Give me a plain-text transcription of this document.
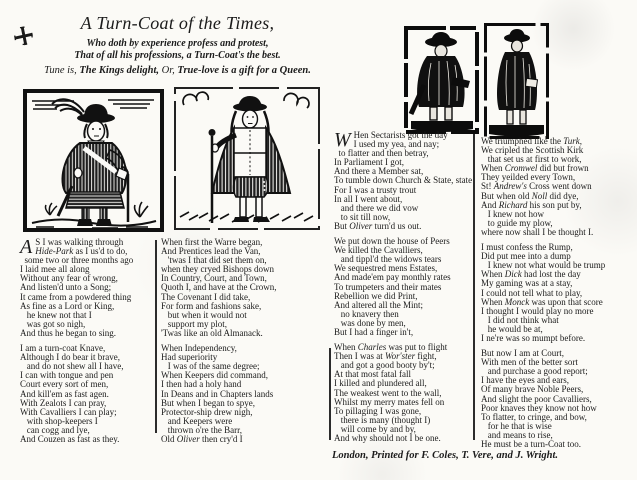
A Turn-Coat of the Times,
Who doth by experience profess and protest,
That of all his professions, a Turn-Coat's the best.
Tune is, The Kings delight, Or, True-love is a gift for a Queen.
A S I was walking through
Hide-Park as I us'd to do,
some two or three months ago
I laid mee all along
Without any fear of wrong,
And listen'd unto a Song;
It came from a powdered thing
As fine as a Lord or King,
he knew not that I
was got so nigh,
And thus he began to sing.
I am a turn-coat Knave,
Although I do bear it brave,
and do not shew all I have,
I can with tongue and pen
Court every sort of men,
And kill'em as fast agen.
With Zealots I can pray,
With Cavalliers I can play;
with shop-keepers I
can cogg and lye,
And Couzen as fast as they.
When first the Warre began,
And Prentices lead the Van,
'twas I that did set them on,
when they cryed Bishops down
In Country, Court, and Town,
Quoth I, and have at the Crown,
The Covenant I did take,
For form and fashions sake,
but when it would not
support my plot,
'Twas like an old Almanack.
When Independency,
Had superiority
I was of the same degree;
When Keepers did command,
I then had a holy hand
In Deans and in Chapters lands
But when I began to spye,
Protector-ship drew nigh,
and Keepers were
thrown o're the Barr,
Old Oliver then cry'd I
W Hen Sectarists got the day
I used my yea, and nay;
to flatter and then betray,
In Parliament I got,
And there a Member sat,
To tumble down Church & State, state
For I was a trusty trout
In all I went about,
and there we did vow
to sit till now,
But Oliver turn'd us out.
We put down the house of Peers
We killed the Cavalliers,
and tippl'd the widows tears
We sequestred mens Estates,
And made'em pay monthly rates
To trumpeters and their mates
Rebellion we did Print,
And altered all the Mint;
no knavery then
was done by men,
But I had a finger in't,
When Charles was put to flight
Then I was at Wor'ster fight,
and got a good booty by't;
At that most fatal fall
I killed and plundered all,
The weakest went to the wall,
Whilst my merry mates fell on
To pillaging I was gone,
there is many (thought I)
will come by and by,
And why should not I be one.
We triumphed like the Turk,
We cripled the Scottish Kirk
that set us at first to work,
When Cromwel did but frown
They yeilded every Town,
St! Andrew's Cross went down
But when old Noll did dye,
And Richard his son put by,
I knew not how
to guide my plow,
where now shall I be thought I.
I must confess the Rump,
Did put mee into a dump
I knew not what would be trump
When Dick had lost the day
My gaming was at a stay,
I could not tell what to play,
When Monck was upon that score
I thought I would play no more
I did not think what
he would be at,
I ne're was so mumpt before.
But now I am at Court,
With men of the better sort
and purchase a good report;
I have the eyes and ears,
Of many brave Noble Peers,
And slight the poor Cavalliers,
Poor knaves they know not how
To flatter, to cringe, and bow,
for he that is wise
and means to rise,
He must be a turn-Coat too.
London, Printed for F. Coles, T. Vere, and J. Wright.
